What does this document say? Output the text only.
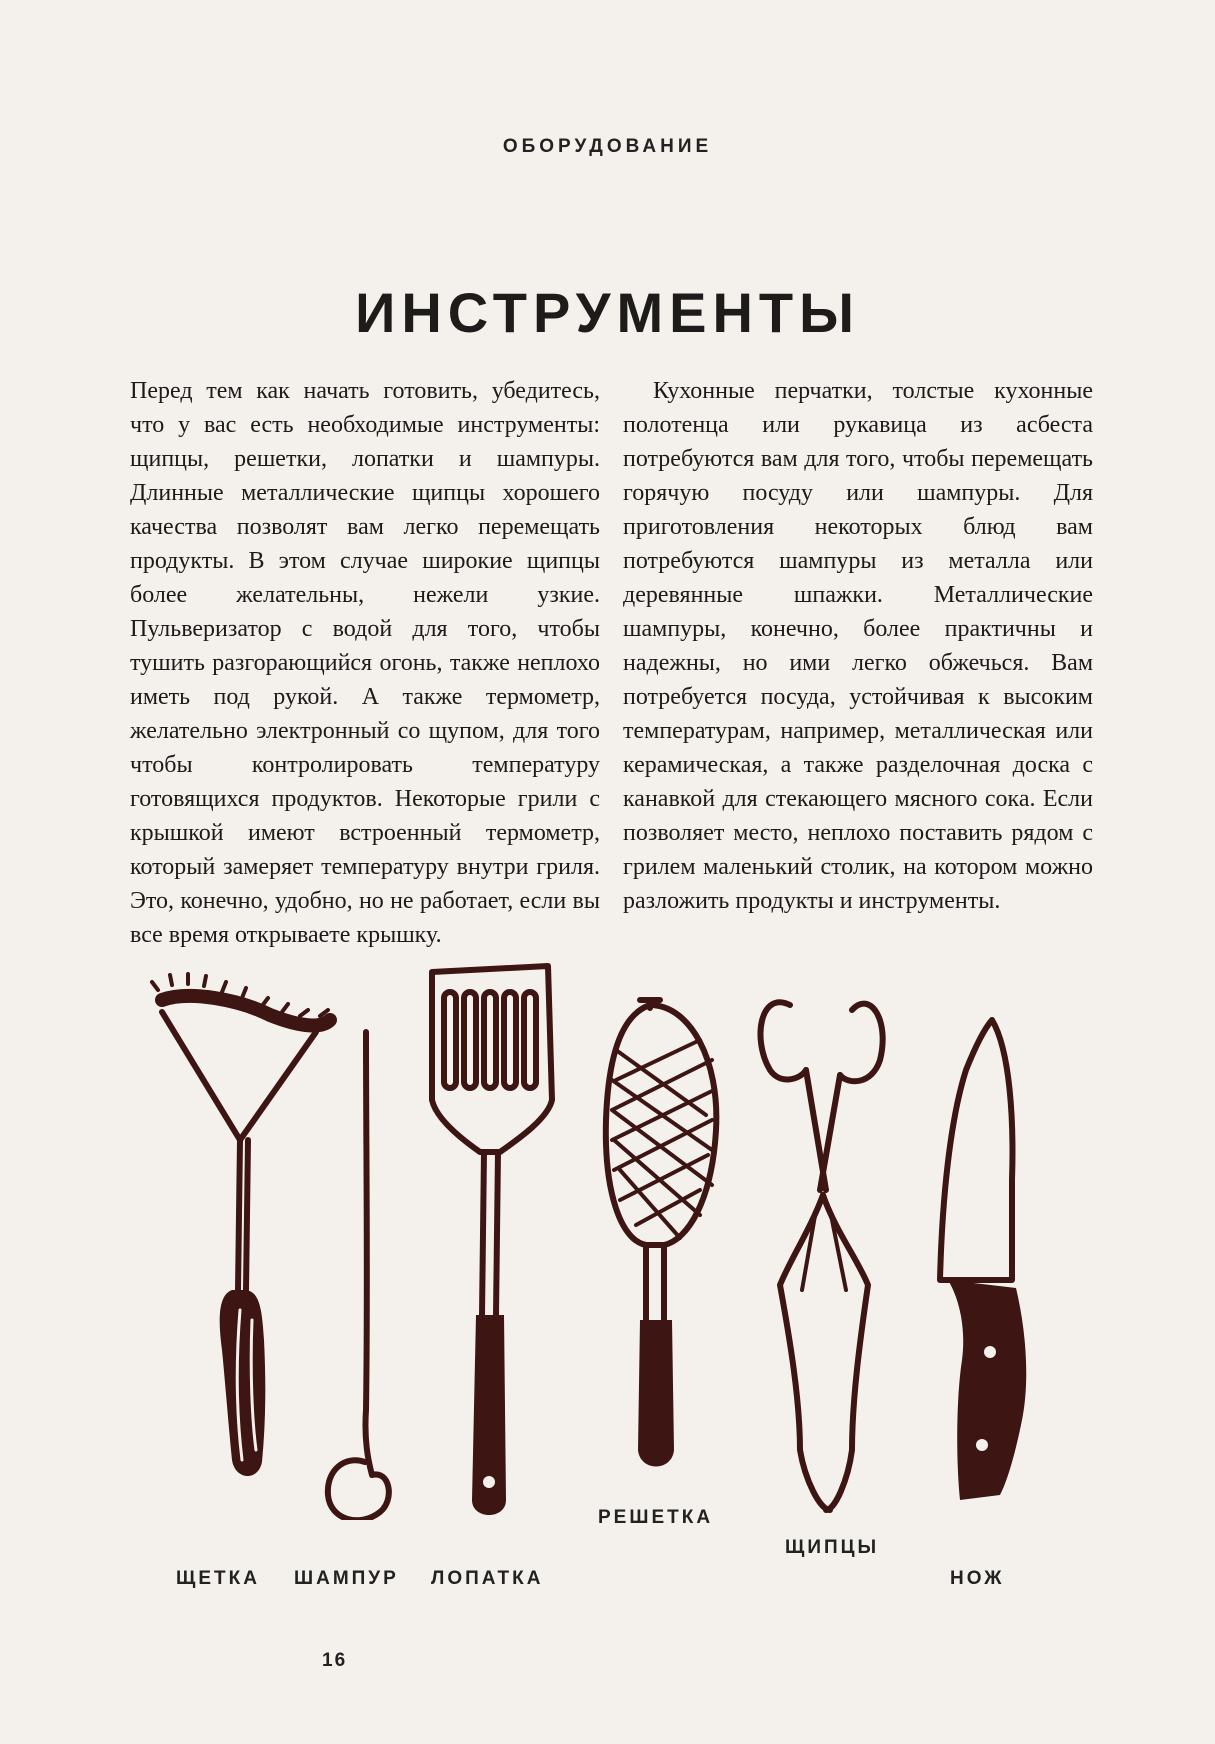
ОБОРУДОВАНИЕ
ИНСТРУМЕНТЫ

Перед тем как начать готовить, убедитесь, что у вас есть необходимые инструменты: щипцы, решетки, лопатки и шампуры. Длинные металлические щипцы хорошего качества позволят вам легко перемещать продукты. В этом случае широкие щипцы более желательны, нежели узкие. Пульверизатор с водой для того, чтобы тушить разгорающийся огонь, также неплохо иметь под рукой. А также термометр, желательно электронный со щупом, для того чтобы контролировать температуру готовящихся продуктов. Некоторые грили с крышкой имеют встроенный термометр, который замеряет температуру внутри гриля. Это, конечно, удобно, но не работает, если вы все время открываете крышку.

Кухонные перчатки, толстые кухонные полотенца или рукавица из асбеста потребуются вам для того, чтобы перемещать горячую посуду или шампуры. Для приготовления некоторых блюд вам потребуются шампуры из металла или деревянные шпажки. Металлические шампуры, конечно, более практичны и надежны, но ими легко обжечься. Вам потребуется посуда, устойчивая к высоким температурам, например, металлическая или керамическая, а также разделочная доска с канавкой для стекающего мясного сока. Если позволяет место, неплохо поставить рядом с грилем маленький столик, на котором можно разложить продукты и инструменты.

ЩЕТКА ШАМПУР ЛОПАТКА
РЕШЕТКА
ЩИПЦЫ
НОЖ
16
